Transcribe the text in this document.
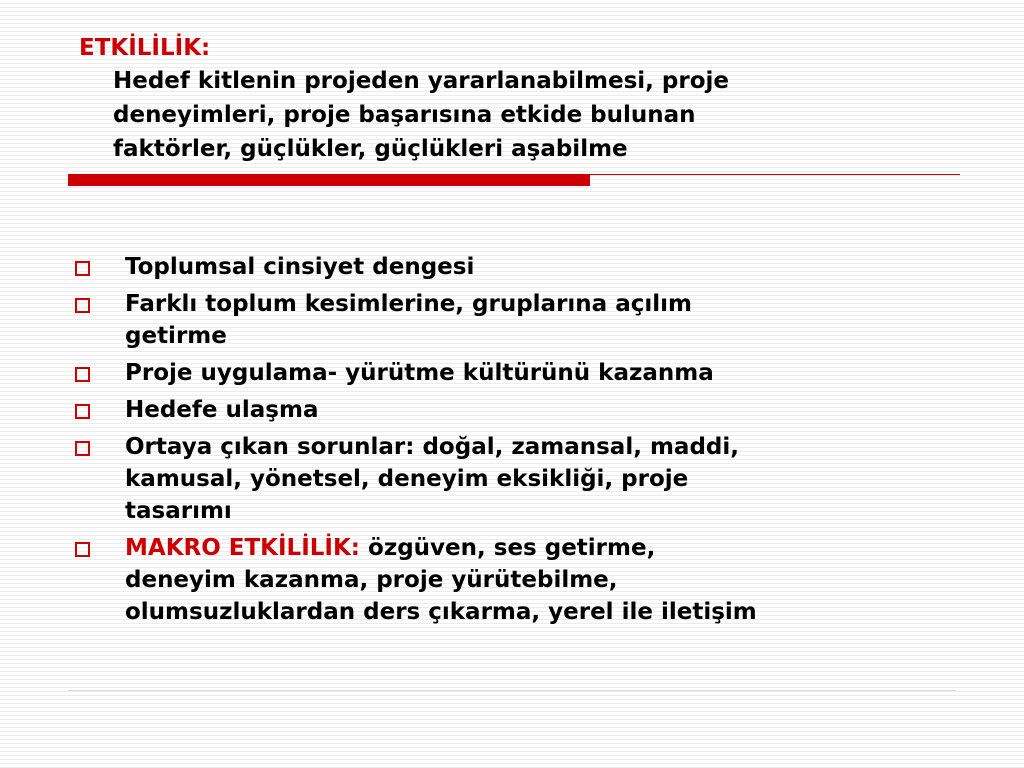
ETKİLİLİK:
Hedef kitlenin projeden yararlanabilmesi, proje
deneyimleri, proje başarısına etkide bulunan
faktörler, güçlükler, güçlükleri aşabilme
Toplumsal cinsiyet dengesi
Farklı toplum kesimlerine, gruplarına açılım
getirme
Proje uygulama- yürütme kültürünü kazanma
Hedefe ulaşma
Ortaya çıkan sorunlar: doğal, zamansal, maddi,
kamusal, yönetsel, deneyim eksikliği, proje
tasarımı
MAKRO ETKİLİLİK: özgüven, ses getirme,
deneyim kazanma, proje yürütebilme,
olumsuzluklardan ders çıkarma, yerel ile iletişim
